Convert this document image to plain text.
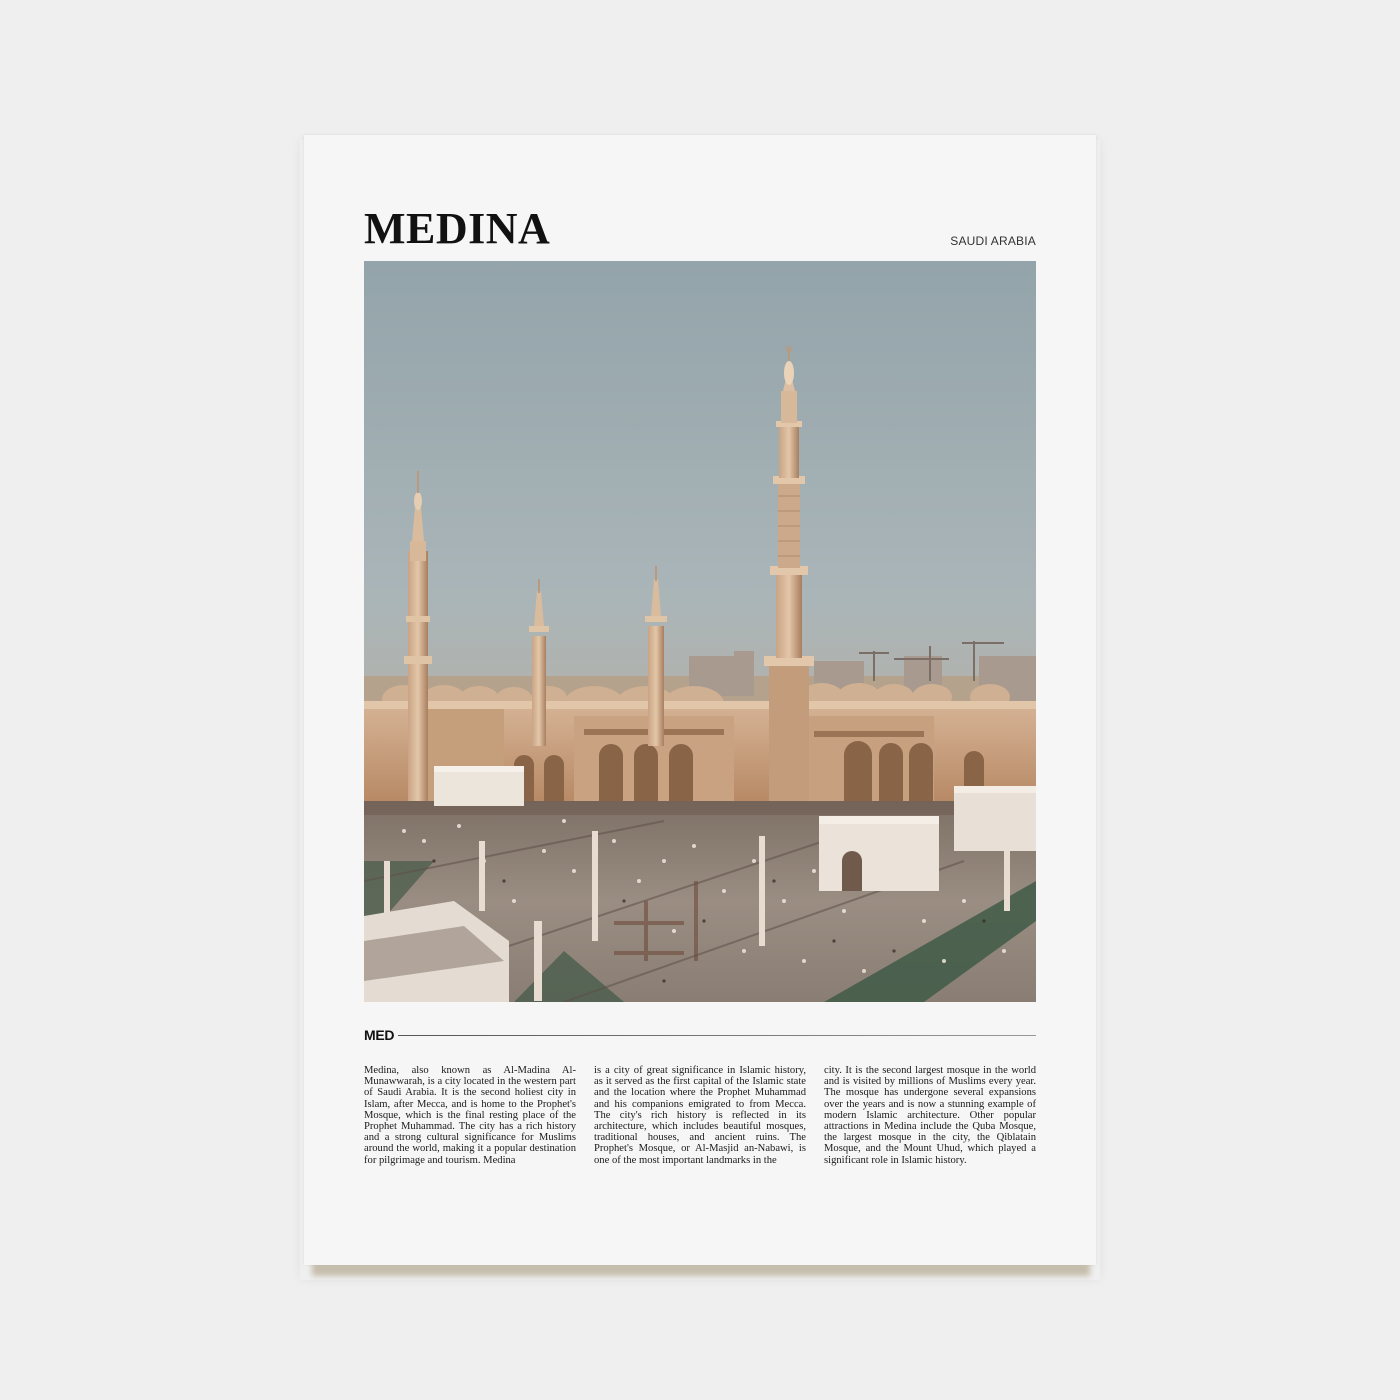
MEDINA	SAUDI ARABIA
MED
Medina, also known as Al-Madina Al-Munawwarah, is a city located in the western part of Saudi Arabia. It is the second holiest city in Islam, after Mecca, and is home to the Prophet's Mosque, which is the final resting place of the Prophet Muhammad. The city has a rich history and a strong cultural significance for Muslims around the world, making it a popular destination for pilgrimage and tourism. Medina
is a city of great significance in Islamic history, as it served as the first capital of the Islamic state and the location where the Prophet Muhammad and his companions emigrated to from Mecca. The city's rich history is reflected in its architecture, which includes beautiful mosques, traditional houses, and ancient ruins. The Prophet's Mosque, or Al-Masjid an-Nabawi, is one of the most important landmarks in the
city. It is the second largest mosque in the world and is visited by millions of Muslims every year. The mosque has undergone several expansions over the years and is now a stunning example of modern Islamic architecture. Other popular attractions in Medina include the Quba Mosque, the largest mosque in the city, the Qiblatain Mosque, and the Mount Uhud, which played a significant role in Islamic history.
